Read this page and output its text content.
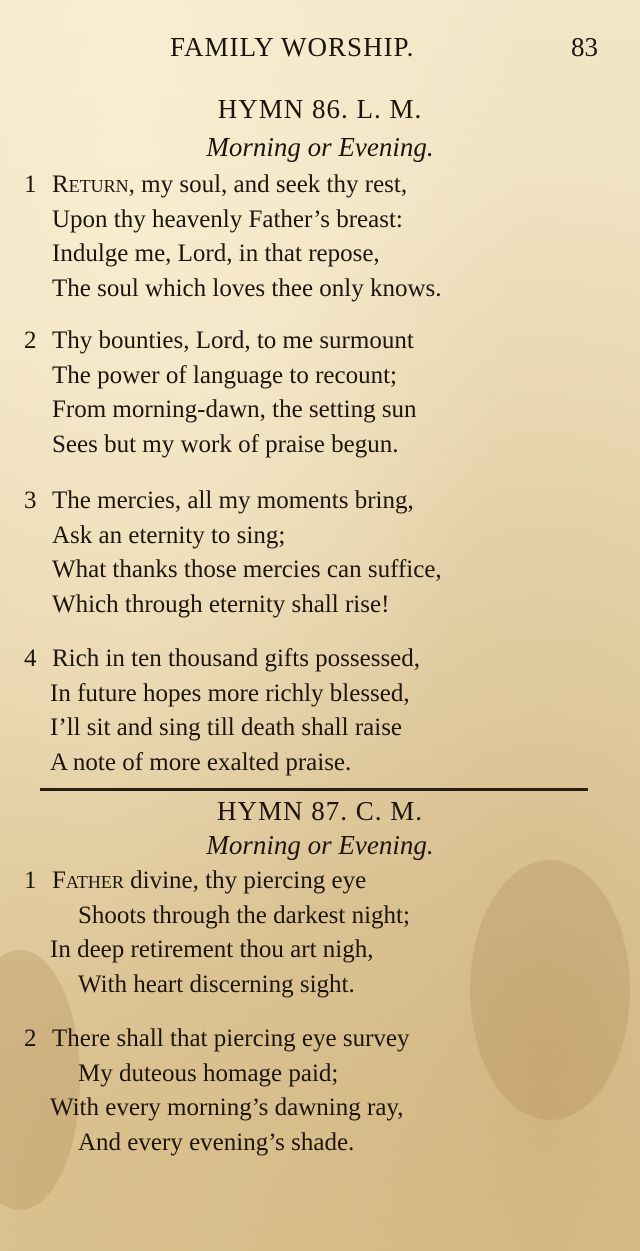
FAMILY WORSHIP.	83
HYMN 86. L. M.
Morning or Evening.
1 Return, my soul, and seek thy rest,
Upon thy heavenly Father’s breast:
Indulge me, Lord, in that repose,
The soul which loves thee only knows.
2 Thy bounties, Lord, to me surmount
The power of language to recount;
From morning-dawn, the setting sun
Sees but my work of praise begun.
3 The mercies, all my moments bring,
Ask an eternity to sing;
What thanks those mercies can suffice,
Which through eternity shall rise!
4 Rich in ten thousand gifts possessed,
In future hopes more richly blessed,
I’ll sit and sing till death shall raise
A note of more exalted praise.
HYMN 87. C. M.
Morning or Evening.
1 Father divine, thy piercing eye
Shoots through the darkest night;
In deep retirement thou art nigh,
With heart discerning sight.
2 There shall that piercing eye survey
My duteous homage paid;
With every morning’s dawning ray,
And every evening’s shade.
